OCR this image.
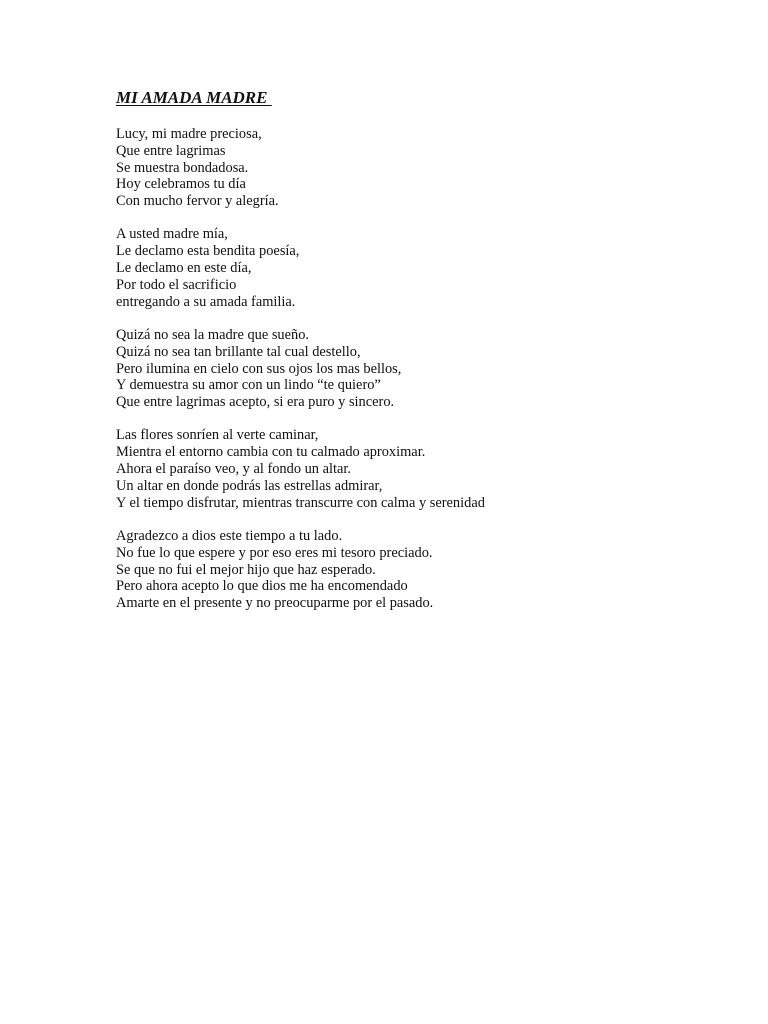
MI AMADA MADRE
Lucy, mi madre preciosa,
Que entre lagrimas
Se muestra bondadosa.
Hoy celebramos tu día
Con mucho fervor y alegría.
A usted madre mía,
Le declamo esta bendita poesía,
Le declamo en este día,
Por todo el sacrificio
entregando a su amada familia.
Quizá no sea la madre que sueño.
Quizá no sea tan brillante tal cual destello,
Pero ilumina en cielo con sus ojos los mas bellos,
Y demuestra su amor con un lindo “te quiero”
Que entre lagrimas acepto, si era puro y sincero.
Las flores sonríen al verte caminar,
Mientra el entorno cambia con tu calmado aproximar.
Ahora el paraíso veo, y al fondo un altar.
Un altar en donde podrás las estrellas admirar,
Y el tiempo disfrutar, mientras transcurre con calma y serenidad
Agradezco a dios este tiempo a tu lado.
No fue lo que espere y por eso eres mi tesoro preciado.
Se que no fui el mejor hijo que haz esperado.
Pero ahora acepto lo que dios me ha encomendado
Amarte en el presente y no preocuparme por el pasado.
